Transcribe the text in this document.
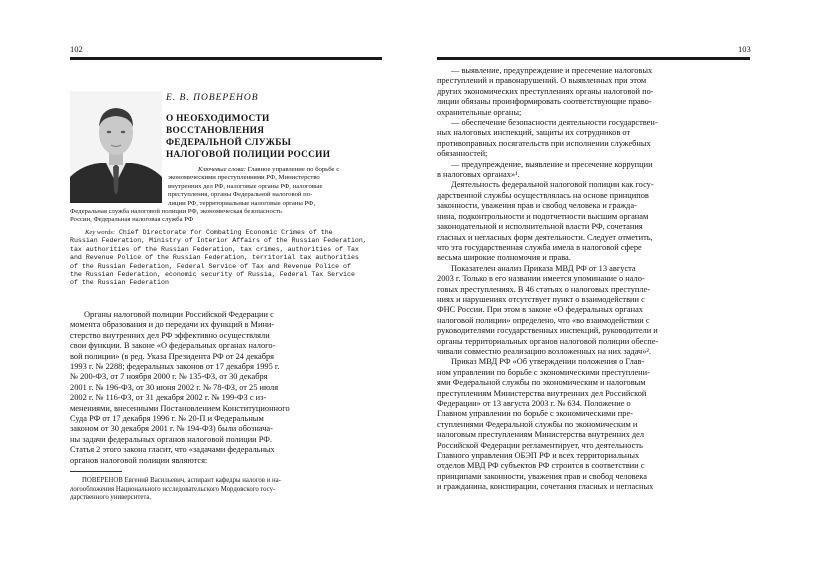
102
Е. В. ПОВЕРЕНОВ
О НЕОБХОДИМОСТИ
ВОССТАНОВЛЕНИЯ
ФЕДЕРАЛЬНОЙ СЛУЖБЫ
НАЛОГОВОЙ ПОЛИЦИИ РОССИИ
Ключевые слова: Главное управление по борьбе с
экономическими преступлениями РФ, Министерство
внутренних дел РФ, налоговые органы РФ, налоговые
преступления, органы Федеральной налоговой по-
лиции РФ, территориальные налоговые органы РФ,
Федеральная служба налоговой полиции РФ, экономическая безопасность
России, Федеральная налоговая служба РФ
Key words: Chief Directorate for Combating Economic Crimes of the
Russian Federation, Ministry of Interior Affairs of the Russian Federation,
tax authorities of the Russian Federation, tax crimes, authorities of Tax
and Revenue Police of the Russian Federation, territorial tax authorities
of the Russian Federation, Federal Service of Tax and Revenue Police of
the Russian Federation, economic security of Russia, Federal Tax Service
of the Russian Federation
Органы налоговой полиции Российской Федерации с
момента образования и до передачи их функций в Мини-
стерство внутренних дел РФ эффективно осуществляли
свои функции. В законе «О федеральных органах налого-
вой полиции» (в ред. Указа Президента РФ от 24 декабря
1993 г. № 2288; федеральных законов от 17 декабря 1995 г.
№ 200-ФЗ, от 7 ноября 2000 г. № 135-ФЗ, от 30 декабря
2001 г. № 196-ФЗ, от 30 июня 2002 г. № 78-ФЗ, от 25 июля
2002 г. № 116-ФЗ, от 31 декабря 2002 г. № 199-ФЗ с из-
менениями, внесенными Постановлением Конституционного
Суда РФ от 17 декабря 1996 г. № 20-П и Федеральным
законом от 30 декабря 2001 г. № 194-ФЗ) были обознача-
ны задачи федеральных органов налоговой полиции РФ.
Статья 2 этого закона гласит, что «задачами федеральных
органов налоговой полиции являются:
ПОВЕРЕНОВ Евгений Васильевич, аспирант кафедры налогов и на-
логообложения Национального исследовательского Мордовского госу-
дарственного университета.
103
— выявление, предупреждение и пресечение налоговых
преступлений и правонарушений. О выявленных при этом
других экономических преступлениях органы налоговой по-
лиции обязаны проинформировать соответствующие право-
охранительные органы;
— обеспечение безопасности деятельности государствен-
ных налоговых инспекций, защиты их сотрудников от
противоправных посягательств при исполнении служебных
обязанностей;
— предупреждение, выявление и пресечение коррупции
в налоговых органах»¹.
Деятельность федеральной налоговой полиции как госу-
дарственной службы осуществлялась на основе принципов
законности, уважения прав и свобод человека и гражда-
нина, подконтрольности и подотчетности высшим органам
законодательной и исполнительной власти РФ, сочетания
гласных и негласных форм деятельности. Следует отметить,
что эта государственная служба имела в налоговой сфере
весьма широкие полномочия и права.
Показателен анализ Приказа МВД РФ от 13 августа
2003 г. Только в его названии имеется упоминание о нало-
говых преступлениях. В 46 статьях о налоговых преступле-
ниях и нарушениях отсутствует пункт о взаимодействии с
ФНС России. При этом в законе «О федеральных органах
налоговой полиции» определено, что «во взаимодействии с
руководителями государственных инспекций, руководители и
органы территориальных органов налоговой полиции обеспе-
чивали совместно реализацию возложенных на них задач»².
Приказ МВД РФ «Об утверждении положения о Глав-
ном управлении по борьбе с экономическими преступлени-
ями Федеральной службы по экономическим и налоговым
преступлениям Министерства внутренних дел Российской
Федерации» от 13 августа 2003 г. № 634. Положение о
Главном управлении по борьбе с экономическими пре-
ступлениями Федеральной службы по экономическим и
налоговым преступлениям Министерства внутренних дел
Российской Федерации регламентирует, что деятельность
Главного управления ОБЭП РФ и всех территориальных
отделов МВД РФ субъектов РФ строится в соответствии с
принципами законности, уважения прав и свобод человека
и гражданина, конспирации, сочетания гласных и негласных
